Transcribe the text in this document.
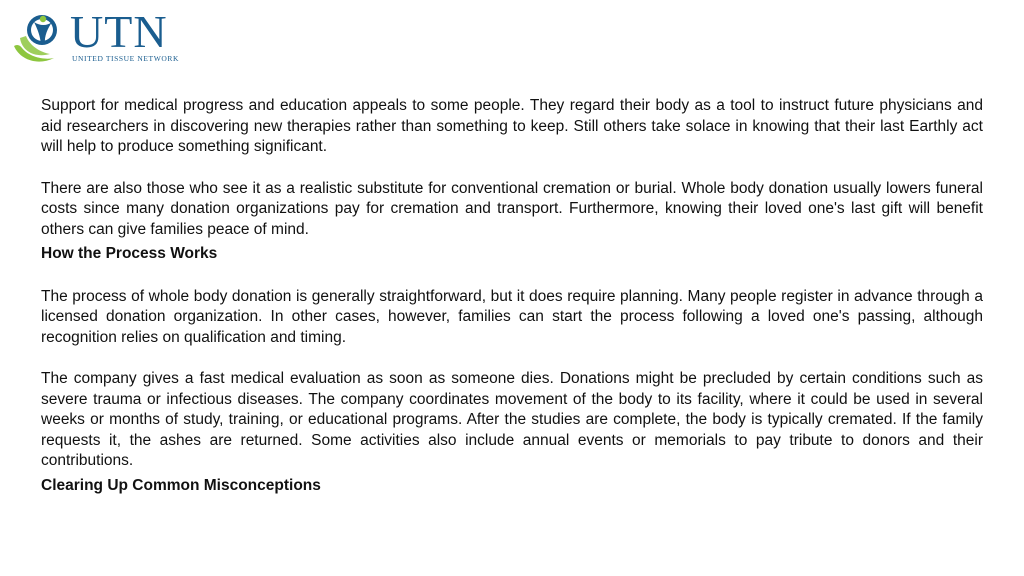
UTN
UNITED TISSUE NETWORK

Support for medical progress and education appeals to some people. They regard their body as a tool to instruct future physicians and aid researchers in discovering new therapies rather than something to keep. Still others take solace in knowing that their last Earthly act will help to produce something significant.

There are also those who see it as a realistic substitute for conventional cremation or burial. Whole body donation usually lowers funeral costs since many donation organizations pay for cremation and transport. Furthermore, knowing their loved one's last gift will benefit others can give families peace of mind.

How the Process Works

The process of whole body donation is generally straightforward, but it does require planning. Many people register in advance through a licensed donation organization. In other cases, however, families can start the process following a loved one's passing, although recognition relies on qualification and timing.

The company gives a fast medical evaluation as soon as someone dies. Donations might be precluded by certain conditions such as severe trauma or infectious diseases. The company coordinates movement of the body to its facility, where it could be used in several weeks or months of study, training, or educational programs. After the studies are complete, the body is typically cremated. If the family requests it, the ashes are returned. Some activities also include annual events or memorials to pay tribute to donors and their contributions.

Clearing Up Common Misconceptions
